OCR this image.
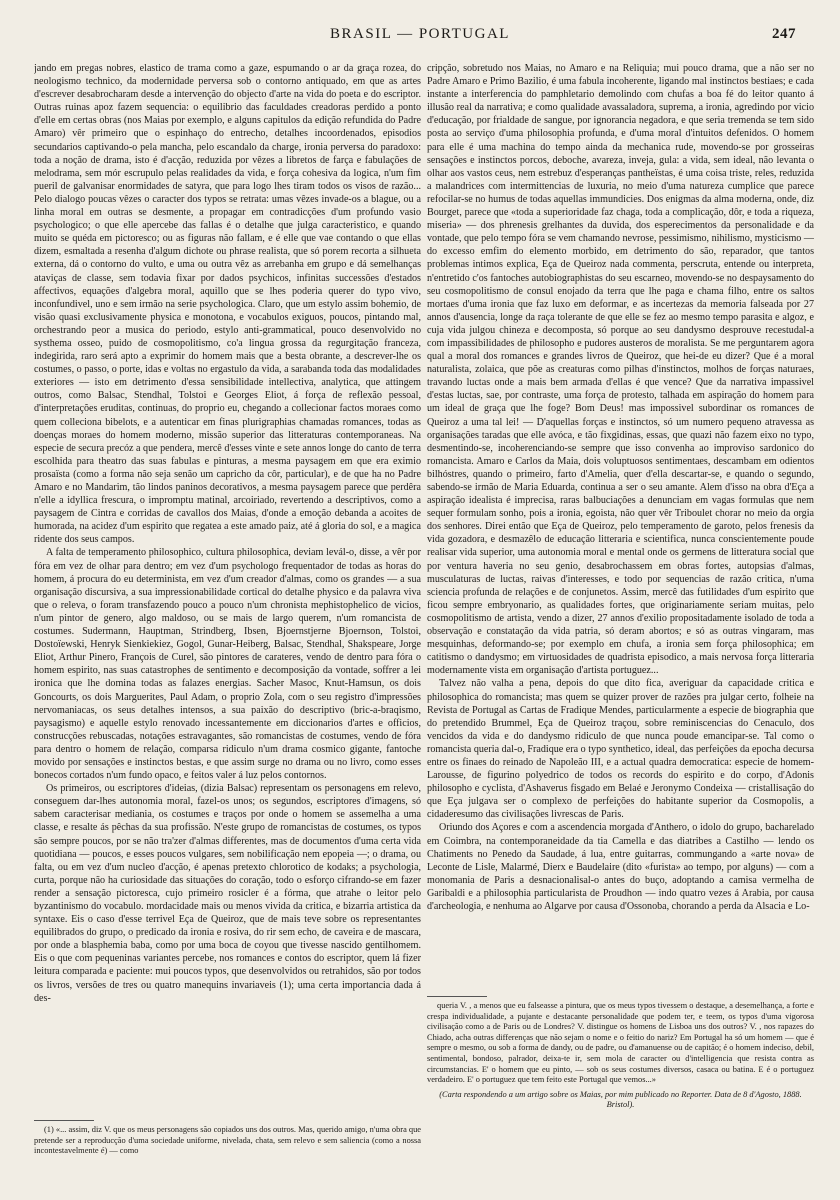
BRASIL — PORTUGAL	247

jando em pregas nobres, elastico de trama como a gaze, espumando o ar da graça rozea, do neologismo technico, da modernidade perversa sob o contorno antiquado, em que as artes d'escrever desabrocharam desde a intervenção do objecto d'arte na vida do poeta e do escriptor. Outras ruinas apoz fazem sequencia: o equilibrio das faculdades creadoras perdido a ponto d'elle em certas obras (nos Maias por exemplo, e alguns capitulos da edição refundida do Padre Amaro) vêr primeiro que o espinhaço do entrecho, detalhes incoordenados, episodios secundarios captivando-o pela mancha, pelo escandalo da charge, ironia perversa do paradoxo: toda a noção de drama, isto é d'acção, reduzida por vêzes a libretos de farça e fabulações de melodrama, sem mór escrupulo pelas realidades da vida, e força cohesiva da logica, n'um fim pueril de galvanisar enormidades de satyra, que para logo lhes tiram todos os visos de razão... Pelo dialogo poucas vêzes o caracter dos typos se retrata: umas vêzes invade-os a blague, ou a linha moral em outras se desmente, a propagar em contradicções d'um profundo vasio psychologico; o que elle apercebe das fallas é o detalhe que julga caracteristico, e quando muito se quéda em pictoresco; ou as figuras não fallam, e é elle que vae contando o que ellas dizem, esmaltada a resenha d'algum dichote ou phrase realista, que só porem recorta a silhueta externa, dá o contorno do vulto, e uma ou outra vêz as arrebanha em grupo e dá semelhanças ataviças de classe, sem todavia fixar por dados psychicos, infinitas successões d'estados affectivos, equações d'algebra moral, aquillo que se lhes poderia querer do typo vivo, inconfundivel, uno e sem irmão na serie psychologica. Claro, que um estylo assim bohemio, de visão quasi exclusivamente physica e monotona, e vocabulos exiguos, poucos, pintando mal, orchestrando peor a musica do periodo, estylo anti-grammatical, pouco desenvolvido no systhema osseo, puido de cosmopolitismo, co'a lingua grossa da regurgitação franceza, indegirida, raro será apto a exprimir do homem mais que a besta obrante, a descrever-lhe os costumes, o passo, o porte, idas e voltas no ergastulo da vida, a sarabanda toda das modalidades exteriores — isto em detrimento d'essa sensibilidade intellectiva, analytica, que attingem outros, como Balsac, Stendhal, Tolstoi e Georges Eliot, á força de reflexão pessoal, d'interpretações eruditas, continuas, do proprio eu, chegando a collecionar factos moraes como quem colleciona bibelots, e a autenticar em finas plurigraphias chamadas romances, todas as doenças moraes do homem moderno, missão superior das litteraturas contemporaneas. Na especie de secura precóz a que pendera, mercê d'esses vinte e sete annos longe do canto de terra escolhida para theatro das suas fabulas e pinturas, a mesma paysagem em que era eximio prosaïsta (como a forma não seja senão um capricho da côr, particular), e de que ha no Padre Amaro e no Mandarim, tão lindos paninos decorativos, a mesma paysagem parece que perdêra n'elle a idyllica frescura, o impromptu matinal, arcoiriado, revertendo a descriptivos, como a paysagem de Cintra e corridas de cavallos dos Maias, d'onde a emoção debanda a acoites de humorada, na acidez d'um espirito que regatea a este amado paiz, até á gloria do sol, e a magica ridente dos seus campos.

A falta de temperamento philosophico, cultura philosophica, deviam levál-o, disse, a vêr por fóra em vez de olhar para dentro; em vez d'um psychologo frequentador de todas as horas do homem, á procura do eu determinista, em vez d'um creador d'almas, como os grandes — a sua organisação discursiva, a sua impressionabilidade cortical do detalhe physico e da palavra viva que o releva, o foram transfazendo pouco a pouco n'um chronista mephistophelico de vicios, n'um pintor de genero, algo maldoso, ou se mais de largo querem, n'um romancista de costumes. Sudermann, Hauptman, Strindberg, Ibsen, Bjoernstjerne Bjoernson, Tolstoi, Dostoïewski, Henryk Sienkiekiez, Gogol, Gunar-Heiberg, Balsac, Stendhal, Shakspeare, Jorge Eliot, Arthur Pinero, François de Curel, são pintores de carateres, vendo de dentro para fóra o homem espirito, nas suas catastrophes de sentimento e decomposição da vontade, soffrer a lei ironica que lhe domina todas as falazes energias. Sacher Masoc, Knut-Hamsun, os dois Goncourts, os dois Marguerites, Paul Adam, o proprio Zola, com o seu registro d'impressões nervomaniacas, os seus detalhes intensos, a sua paixão do descriptivo (bric-a-braqismo, paysagismo) e aquelle estylo renovado incessantemente em diccionarios d'artes e officios, construcções rebuscadas, notações estravagantes, são romancistas de costumes, vendo de fóra para dentro o homem de relação, comparsa ridiculo n'um drama cosmico gigante, fantoche movido por sensações e instinctos bestas, e que assim surge no drama ou no livro, como esses bonecos cortados n'um fundo opaco, e feitos valer á luz pelos contornos.

Os primeiros, ou escriptores d'ideias, (dizia Balsac) representam os personagens em relevo, conseguem dar-lhes autonomia moral, fazel-os unos; os segundos, escriptores d'imagens, só sabem caracterisar mediania, os costumes e traços por onde o homem se assemelha a uma classe, e resalte ás pêchas da sua profissão. N'este grupo de romancistas de costumes, os typos são sempre poucos, por se não tra'zer d'almas differentes, mas de documentos d'uma certa vida quotidiana — poucos, e esses poucos vulgares, sem nobilificação nem epopeia —; o drama, ou falta, ou em vez d'um nucleo d'acção, é apenas pretexto chlorotico de kodaks; a psychologia, curta, porque não ha curiosidade das situações do coração, todo o esforço cifrando-se em fazer render a sensação pictoresca, cujo primeiro rosicler é a fórma, que atrahe o leitor pelo byzantinismo do vocabulo. mordacidade mais ou menos vivida da critica, e bizarria artistica da syntaxe. Eis o caso d'esse terrivel Eça de Queiroz, que de mais teve sobre os representantes equilibrados do grupo, o predicado da ironia e rosiva, do rir sem echo, de caveira e de mascara, por onde a blasphemia baba, como por uma boca de coyou que tivesse nascido gentilhomem. Eis o que com pequeninas variantes percebe, nos romances e contos do escriptor, quem lá fizer leitura comparada e paciente: mui poucos typos, que desenvolvidos ou retrahidos, são por todos os livros, versões de tres ou quatro manequins invariaveis (1); uma certa importancia dada á des-

(1) «... assim, diz V. que os meus personagens são copiados uns dos outros. Mas, querido amigo, n'uma obra que pretende ser a reproducção d'uma sociedade uniforme, nivelada, chata, sem relevo e sem saliencia (como a nossa incontestavelmente é) — como

cripção, sobretudo nos Maias, no Amaro e na Reliquia; mui pouco drama, que a não ser no Padre Amaro e Primo Bazilio, é uma fabula incoherente, ligando mal instinctos bestiaes; e cada instante a interferencia do pamphletario demolindo com chufas a boa fé do leitor quanto á illusão real da narrativa; e como qualidade avassaladora, suprema, a ironia, agredindo por vicio d'educação, por frialdade de sangue, por ignorancia negadora, e que seria tremenda se tem sido posta ao serviço d'uma philosophia profunda, e d'uma moral d'intuitos defenidos. O homem para elle é uma machina do tempo ainda da mechanica rude, movendo-se por grosseiras sensações e instinctos porcos, deboche, avareza, inveja, gula: a vida, sem ideal, não levanta o olhar aos vastos ceus, nem estrebuz d'esperanças pantheïstas, é uma coisa triste, reles, reduzida a malandrices com intermittencias de luxuria, no meio d'uma natureza cumplice que parece refocilar-se no humus de todas aquellas immundicies. Dos enigmas da alma moderna, onde, diz Bourget, parece que «toda a superioridade faz chaga, toda a complicação, dôr, e toda a riqueza, miseria» — dos phrenesis grelhantes da duvida, dos esperecimentos da personalidade e da vontade, que pelo tempo fóra se vem chamando nevrose, pessimismo, nihilismo, mysticismo — do excesso emfim do elemento morbido, em detrimento do são, reparador, que tantos problemas intimos explica, Eça de Queiroz nada commenta, perscruta, entende ou interpreta, n'entretido c'os fantoches autobiographistas do seu escarneo, movendo-se no despaysamento do seu cosmopolitismo de consul enojado da terra que lhe paga e chama filho, entre os saltos mortaes d'uma ironia que faz luxo em deformar, e as incertezas da memoria falseada por 27 annos d'ausencia, longe da raça tolerante de que elle se fez ao mesmo tempo parasita e algoz, e cuja vida julgou chineza e decomposta, só porque ao seu dandysmo desprouve recestudal-a com impassibilidades de philosopho e pudores austeros de moralista. Se me perguntarem agora qual a moral dos romances e grandes livros de Queiroz, que hei-de eu dizer? Que é a moral naturalista, zolaica, que põe as creaturas como pilhas d'instinctos, molhos de forças naturaes, travando luctas onde a mais bem armada d'ellas é que vence? Que da narrativa impassivel d'estas luctas, sae, por contraste, uma força de protesto, talhada em aspiração do homem para um ideal de graça que lhe foge? Bom Deus! mas impossivel subordinar os romances de Queiroz a uma tal lei! — D'aquellas forças e instinctos, só um numero pequeno atravessa as organisações taradas que elle avóca, e tão fixgidinas, essas, que quazi não fazem eixo no typo, desmentindo-se, incoherenciando-se sempre que isso convenha ao improviso sardonico do romancista. Amaro e Carlos da Maia, dois voluptuosos sentimentaes, descambam em odientos bilhóstres, quando o primeiro, farto d'Amelia, quer d'ella descartar-se, e quando o segundo, sabendo-se irmão de Maria Eduarda, continua a ser o seu amante. Alem d'isso na obra d'Eça a aspiração idealista é imprecisa, raras balbuciações a denunciam em vagas formulas que nem sequer formulam sonho, pois a ironia, egoista, não quer vêr Triboulet chorar no meio da orgia dos senhores. Direi então que Eça de Queiroz, pelo temperamento de garoto, pelos frenesis da vida gozadora, e desmazêlo de educação litteraria e scientifica, nunca conscientemente poude realisar vida superior, uma autonomia moral e mental onde os germens de litteratura social que por ventura haveria no seu genio, desabrochassem em obras fortes, autopsias d'almas, musculaturas de luctas, raivas d'interesses, e todo por sequencias de razão critica, n'uma sciencia profunda de relações e de conjunetos. Assim, mercê das futilidades d'um espirito que ficou sempre embryonario, as qualidades fortes, que originariamente seriam muitas, pelo cosmopolitismo de artista, vendo a dizer, 27 annos d'exilio propositadamente isolado de toda a observação e constatação da vida patria, só deram abortos; e só as outras vingaram, mas mesquinhas, deformando-se; por exemplo em chufa, a ironia sem força philosophica; em catitismo o dandysmo; em virtuosidades de quadrista episodico, a mais nervosa força litteraria modernamente vista em organisação d'artista portuguez...

Talvez não valha a pena, depois do que dito fica, averiguar da capacidade critica e philosophica do romancista; mas quem se quizer prover de razões pra julgar certo, folheie na Revista de Portugal as Cartas de Fradique Mendes, particularmente a especie de biographia que do pretendido Brummel, Eça de Queiroz traçou, sobre reminiscencias do Cenaculo, dos vencidos da vida e do dandysmo ridiculo de que nunca poude emancipar-se. Tal como o romancista queria dal-o, Fradique era o typo synthetico, ideal, das perfeições da epocha decursa entre os finaes do reinado de Napoleão III, e a actual quadra democratica: especie de homem-Larousse, de figurino polyedrico de todos os records do espirito e do corpo, d'Adonis philosopho e cyclista, d'Ashaverus fisgado em Belaé e Jeronymo Condeixa — cristallisação do que Eça julgava ser o complexo de perfeições do habitante superior da Cosmopolis, a cidaderesumo das civilisações livrescas de Paris.

Oriundo dos Açores e com a ascendencia morgada d'Anthero, o idolo do grupo, bacharelado em Coimbra, na contemporaneidade da tia Camella e das diatribes a Castilho — lendo os Chatiments no Penedo da Saudade, á lua, entre guitarras, commungando a «arte nova» de Leconte de Lisle, Malarmé, Dierx e Baudelaire (dito «furista» ao tempo, por alguns) — com a monomania de Paris a desnacionalisal-o antes do buço, adoptando a camisa vermelha de Garibaldi e a philosophia particularista de Proudhon — indo quatro vezes á Arabia, por causa d'archeologia, e nenhuma ao Algarve por causa d'Ossonoba, chorando a perda da Alsacia e Lo-

queria V. , a menos que eu falseasse a pintura, que os meus typos tivessem o destaque, a desemelhança, a forte e crespa individualidade, a pujante e destacante personalidade que podem ter, e teem, os typos d'uma vigorosa civilisação como a de Paris ou de Londres? V. distingue os homens de Lisboa uns dos outros? V. , nos rapazes do Chiado, acha outras differenças que não sejam o nome e o feitio do nariz? Em Portugal ha só um homem — que é sempre o mesmo, ou sob a forma de dandy, ou de padre, ou d'amanuense ou de capitão; é o homem indeciso, debil, sentimental, bondoso, palrador, deixa-te ir, sem mola de caracter ou d'intelligencia que resista contra as circumstancias. E' o homem que eu pinto, — sob os seus costumes diversos, casaca ou batina. E é o portuguez verdadeiro. E' o portuguez que tem feito este Portugal que vemos...»
(Carta respondendo a um artigo sobre os Maias, por mim publicado no Reporter. Data de 8 d'Agosto, 1888. Bristol).
